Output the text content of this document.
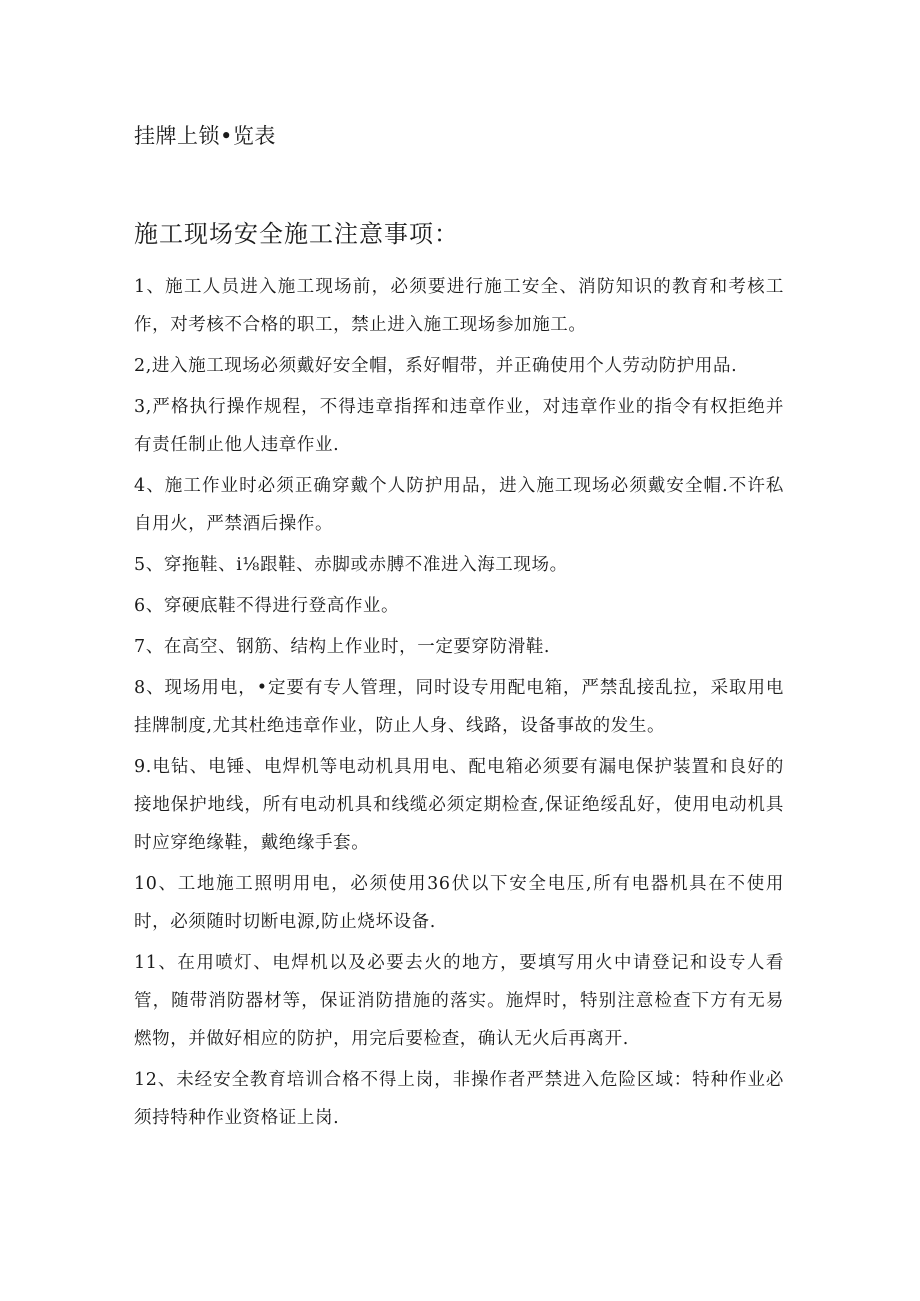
挂牌上锁•览表
施工现场安全施工注意事项：
1、施工人员进入施工现场前，必须要进行施工安全、消防知识的教育和考核工作，对考核不合格的职工，禁止进入施工现场参加施工。
2,进入施工现场必须戴好安全帽，系好帽带，并正确使用个人劳动防护用品.
3,严格执行操作规程，不得违章指挥和违章作业，对违章作业的指令有权拒绝并有责任制止他人违章作业.
4、施工作业时必须正确穿戴个人防护用品，进入施工现场必须戴安全帽.不许私自用火，严禁酒后操作。
5、穿拖鞋、i⅛跟鞋、赤脚或赤膊不准进入海工现场。
6、穿硬底鞋不得进行登高作业。
7、在高空、钢筋、结构上作业时，一定要穿防滑鞋.
8、现场用电，•定要有专人管理，同时设专用配电箱，严禁乱接乱拉，采取用电挂牌制度,尤其杜绝违章作业，防止人身、线路，设备事故的发生。
9.电钻、电锤、电焊机等电动机具用电、配电箱必须要有漏电保护装置和良好的接地保护地线，所有电动机具和线缆必须定期检查,保证绝绥乱好，使用电动机具时应穿绝缘鞋，戴绝缘手套。
10、工地施工照明用电，必须使用36伏以下安全电压,所有电器机具在不使用时，必须随时切断电源,防止烧坏设备.
11、在用喷灯、电焊机以及必要去火的地方，要填写用火中请登记和设专人看管，随带消防器材等，保证消防措施的落实。施焊时，特别注意检查下方有无易燃物，并做好相应的防护，用完后要检查，确认无火后再离开.
12、未经安全教育培训合格不得上岗，非操作者严禁进入危险区域：特种作业必须持特种作业资格证上岗.
